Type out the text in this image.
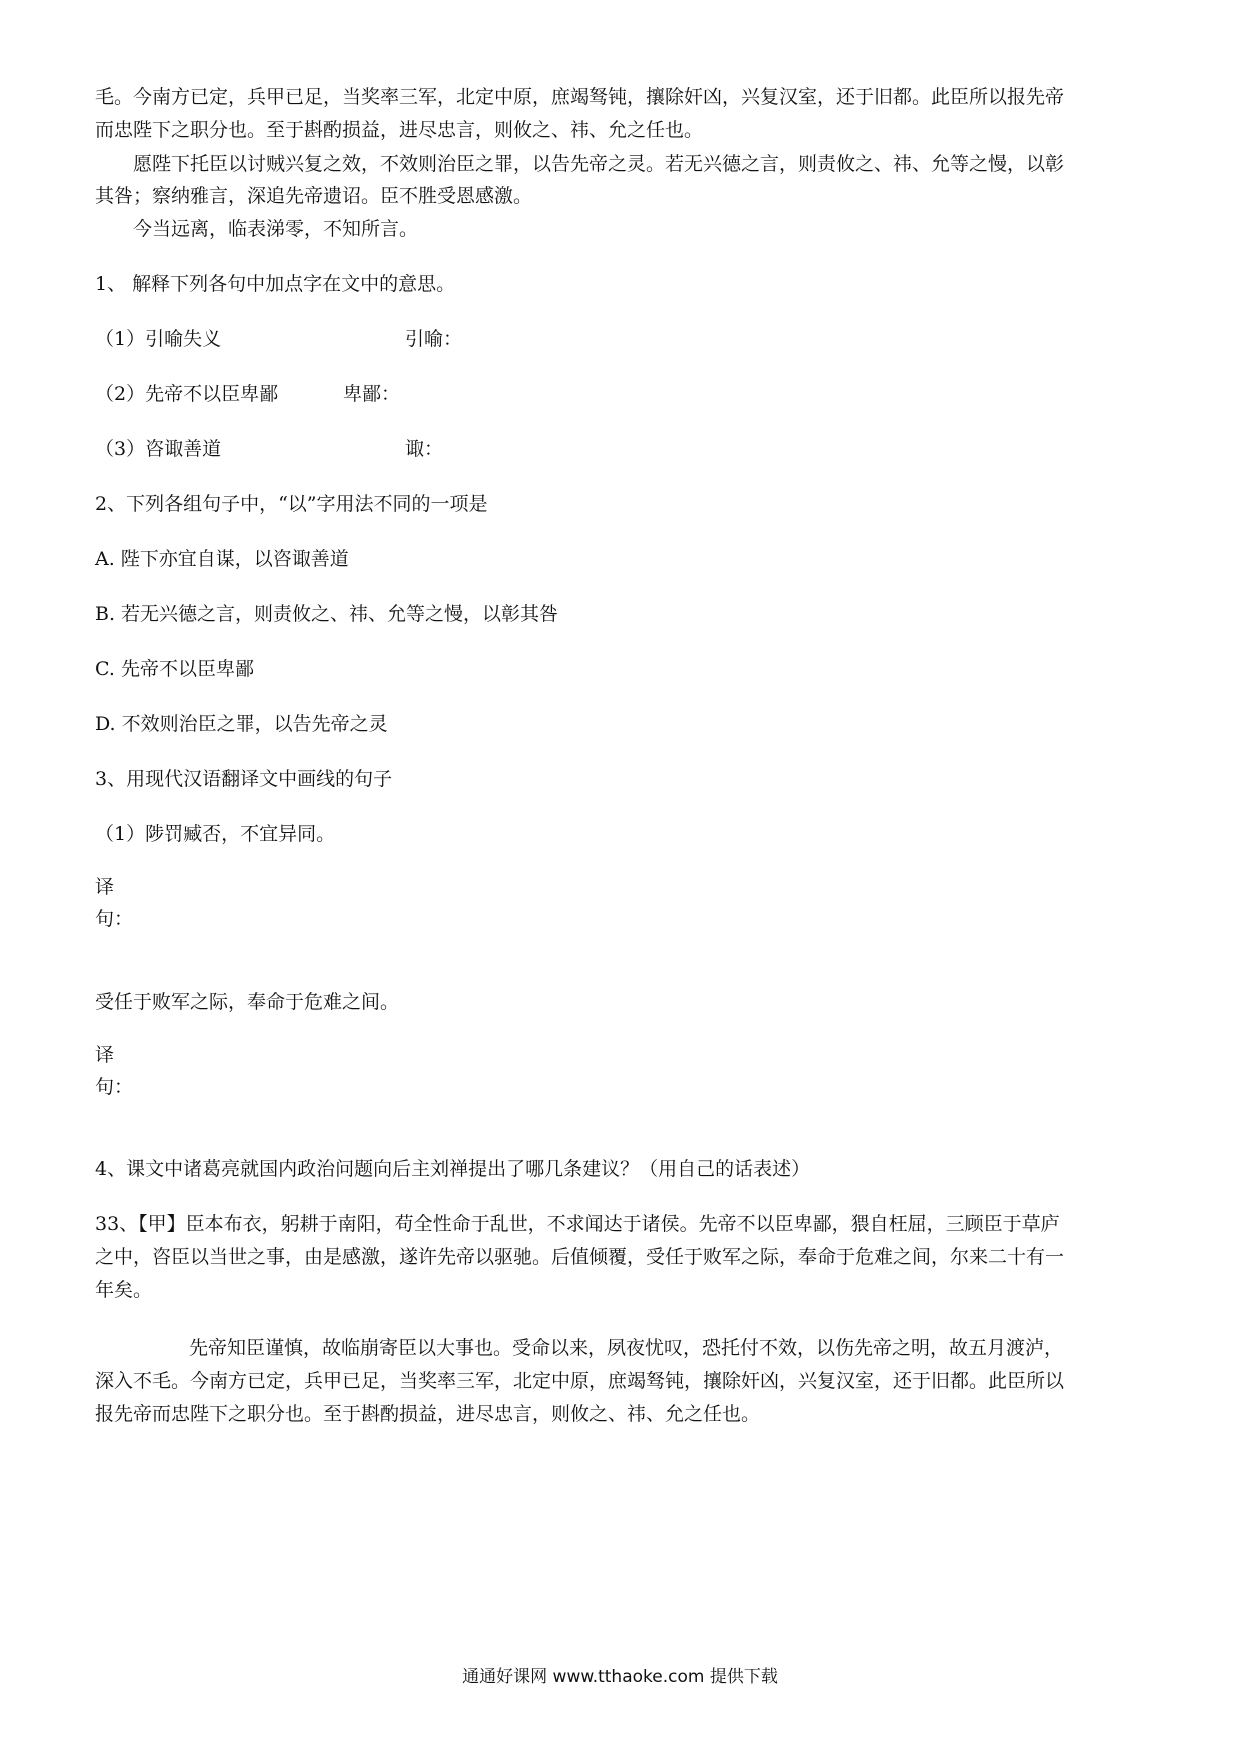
毛。今南方已定，兵甲已足，当奖率三军，北定中原，庶竭驽钝，攘除奸凶，兴复汉室，还于旧都。此臣所以报先帝
而忠陛下之职分也。至于斟酌损益，进尽忠言，则攸之、祎、允之任也。
愿陛下托臣以讨贼兴复之效，不效则治臣之罪，以告先帝之灵。若无兴德之言，则责攸之、祎、允等之慢，以彰
其咎；察纳雅言，深追先帝遗诏。臣不胜受恩感激。
今当远离，临表涕零，不知所言。
1、 解释下列各句中加点字在文中的意思。
（1）引喻失义	引喻：
（2）先帝不以臣卑鄙	卑鄙：
（3）咨诹善道	诹：
2、下列各组句子中，“以”字用法不同的一项是
A. 陛下亦宜自谋，以咨诹善道
B. 若无兴德之言，则责攸之、祎、允等之慢，以彰其咎
C. 先帝不以臣卑鄙
D. 不效则治臣之罪，以告先帝之灵
3、用现代汉语翻译文中画线的句子
（1）陟罚臧否，不宜异同。
译
句：
受任于败军之际，奉命于危难之间。
译
句：
4、课文中诸葛亮就国内政治问题向后主刘禅提出了哪几条建议？（用自己的话表述）
33、【甲】臣本布衣，躬耕于南阳，苟全性命于乱世，不求闻达于诸侯。先帝不以臣卑鄙，猥自枉屈，三顾臣于草庐
之中，咨臣以当世之事，由是感激，遂许先帝以驱驰。后值倾覆，受任于败军之际，奉命于危难之间，尔来二十有一
年矣。
先帝知臣谨慎，故临崩寄臣以大事也。受命以来，夙夜忧叹，恐托付不效，以伤先帝之明，故五月渡泸，
深入不毛。今南方已定，兵甲已足，当奖率三军，北定中原，庶竭驽钝，攘除奸凶，兴复汉室，还于旧都。此臣所以
报先帝而忠陛下之职分也。至于斟酌损益，进尽忠言，则攸之、祎、允之任也。
通通好课网 www.tthaoke.com 提供下载
